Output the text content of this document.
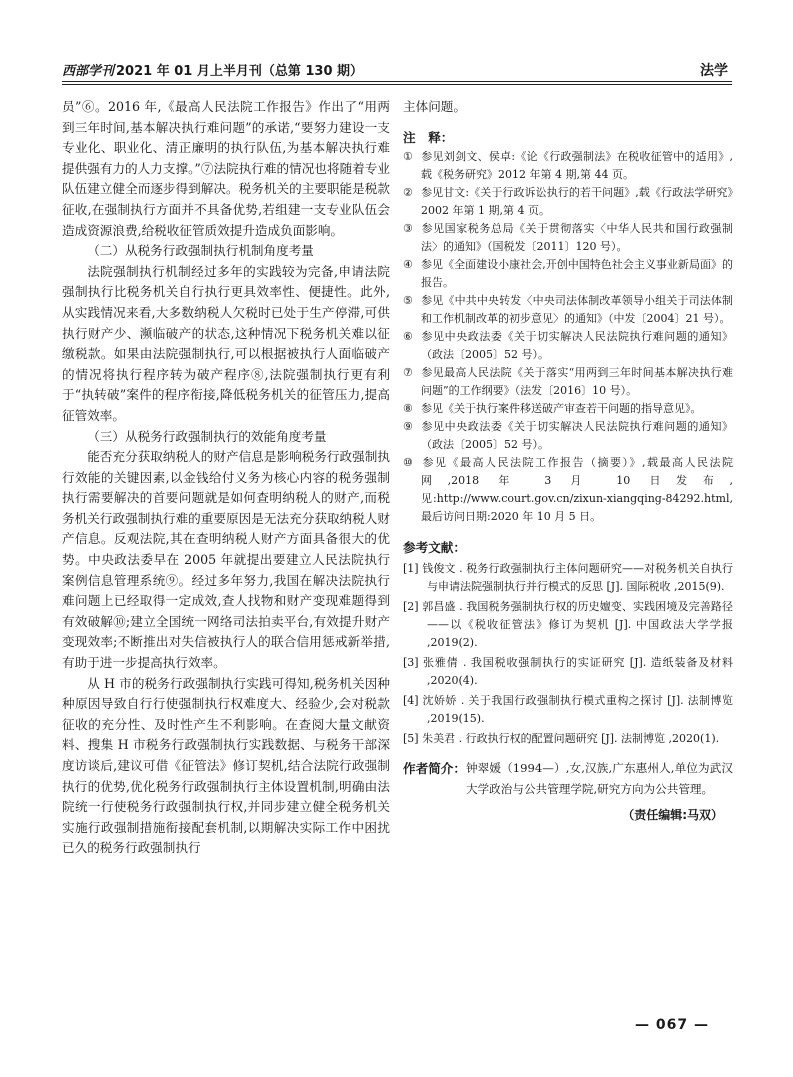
西部学刊 2021 年 01 月上半月刊（总第 130 期）	法学

员”⑥。2016 年,《最高人民法院工作报告》作出了“用两到三年时间,基本解决执行难问题”的承诺,“要努力建设一支专业化、职业化、清正廉明的执行队伍,为基本解决执行难提供强有力的人力支撑。”⑦法院执行难的情况也将随着专业队伍建立健全而逐步得到解决。税务机关的主要职能是税款征收,在强制执行方面并不具备优势,若组建一支专业队伍会造成资源浪费,给税收征管质效提升造成负面影响。

（二）从税务行政强制执行机制角度考量

法院强制执行机制经过多年的实践较为完备,申请法院强制执行比税务机关自行执行更具效率性、便捷性。此外,从实践情况来看,大多数纳税人欠税时已处于生产停滞,可供执行财产少、濒临破产的状态,这种情况下税务机关难以征缴税款。如果由法院强制执行,可以根据被执行人面临破产的情况将执行程序转为破产程序⑧,法院强制执行更有利于“执转破”案件的程序衔接,降低税务机关的征管压力,提高征管效率。

（三）从税务行政强制执行的效能角度考量

能否充分获取纳税人的财产信息是影响税务行政强制执行效能的关键因素,以金钱给付义务为核心内容的税务强制执行需要解决的首要问题就是如何查明纳税人的财产,而税务机关行政强制执行难的重要原因是无法充分获取纳税人财产信息。反观法院,其在查明纳税人财产方面具备很大的优势。中央政法委早在 2005 年就提出要建立人民法院执行案例信息管理系统⑨。经过多年努力,我国在解决法院执行难问题上已经取得一定成效,查人找物和财产变现难题得到有效破解⑩;建立全国统一网络司法拍卖平台,有效提升财产变现效率;不断推出对失信被执行人的联合信用惩戒新举措,有助于进一步提高执行效率。

从 H 市的税务行政强制执行实践可得知,税务机关因种种原因导致自行行使强制执行权难度大、经验少,会对税款征收的充分性、及时性产生不利影响。在查阅大量文献资料、搜集 H 市税务行政强制执行实践数据、与税务干部深度访谈后,建议可借《征管法》修订契机,结合法院行政强制执行的优势,优化税务行政强制执行主体设置机制,明确由法院统一行使税务行政强制执行权,并同步建立健全税务机关实施行政强制措施衔接配套机制,以期解决实际工作中困扰已久的税务行政强制执行

主体问题。

注　释：

① 参见刘剑文、侯卓:《论《行政强制法》在税收征管中的适用》,载《税务研究》2012 年第 4 期,第 44 页。

② 参见甘文:《关于行政诉讼执行的若干问题》,载《行政法学研究》2002 年第 1 期,第 4 页。

③ 参见国家税务总局《关于贯彻落实〈中华人民共和国行政强制法〉的通知》（国税发〔2011〕120 号）。

④ 参见《全面建设小康社会,开创中国特色社会主义事业新局面》的报告。

⑤ 参见《中共中央转发〈中央司法体制改革领导小组关于司法体制和工作机制改革的初步意见〉的通知》（中发〔2004〕21 号）。

⑥ 参见中央政法委《关于切实解决人民法院执行难问题的通知》（政法〔2005〕52 号）。

⑦ 参见最高人民法院《关于落实“用两到三年时间基本解决执行难问题”的工作纲要》（法发〔2016〕10 号）。

⑧ 参见《关于执行案件移送破产审查若干问题的指导意见》。

⑨ 参见中央政法委《关于切实解决人民法院执行难问题的通知》（政法〔2005〕52 号）。

⑩ 参见《最高人民法院工作报告（摘要）》,载最高人民法院网,2018 年 3 月 10 日发布,见:http://www.court.gov.cn/zixun-xiangqing-84292.html,最后访问日期:2020 年 10 月 5 日。

参考文献：

[1] 钱俊文 . 税务行政强制执行主体问题研究——对税务机关自执行与申请法院强制执行并行模式的反思 [J]. 国际税收 ,2015(9).

[2] 郭昌盛 . 我国税务强制执行权的历史嬗变、实践困境及完善路径——以《税收征管法》修订为契机 [J]. 中国政法大学学报 ,2019(2).

[3] 张雅倩 . 我国税收强制执行的实证研究 [J]. 造纸装备及材料 ,2020(4).

[4] 沈娇娇 . 关于我国行政强制执行模式重构之探讨 [J]. 法制博览 ,2019(15).

[5] 朱美君 . 行政执行权的配置问题研究 [J]. 法制博览 ,2020(1).

作者简介： 钟翠媛（1994—）,女,汉族,广东惠州人,单位为武汉大学政治与公共管理学院,研究方向为公共管理。
（责任编辑:马双）
— 067 —
